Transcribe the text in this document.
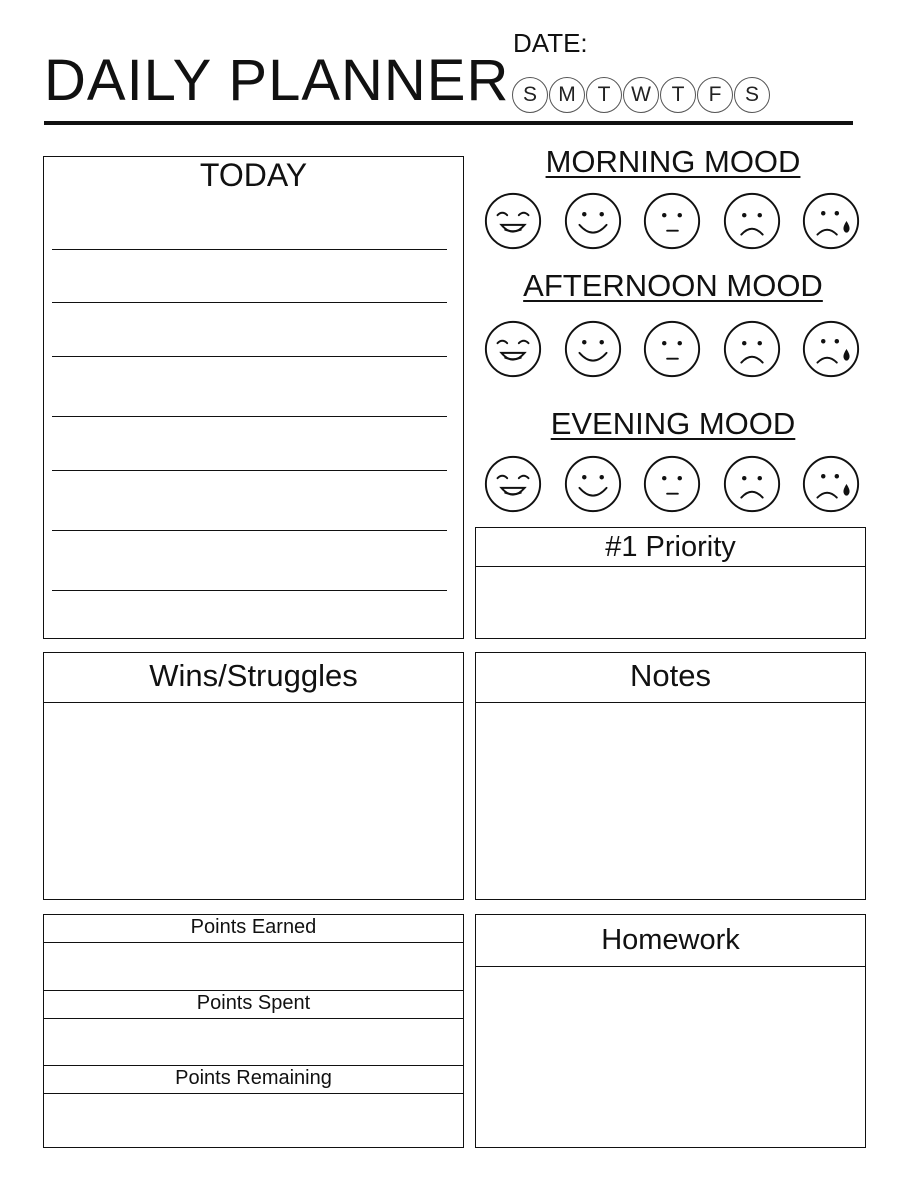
DAILY PLANNER
DATE:
S	M	T W T	F	S
TODAY	MORNING MOOD
AFTERNOON MOOD
EVENING MOOD
#1 Priority
Wins/Struggles	Notes
Points Earned
Points Spent
Points Remaining
Homework
